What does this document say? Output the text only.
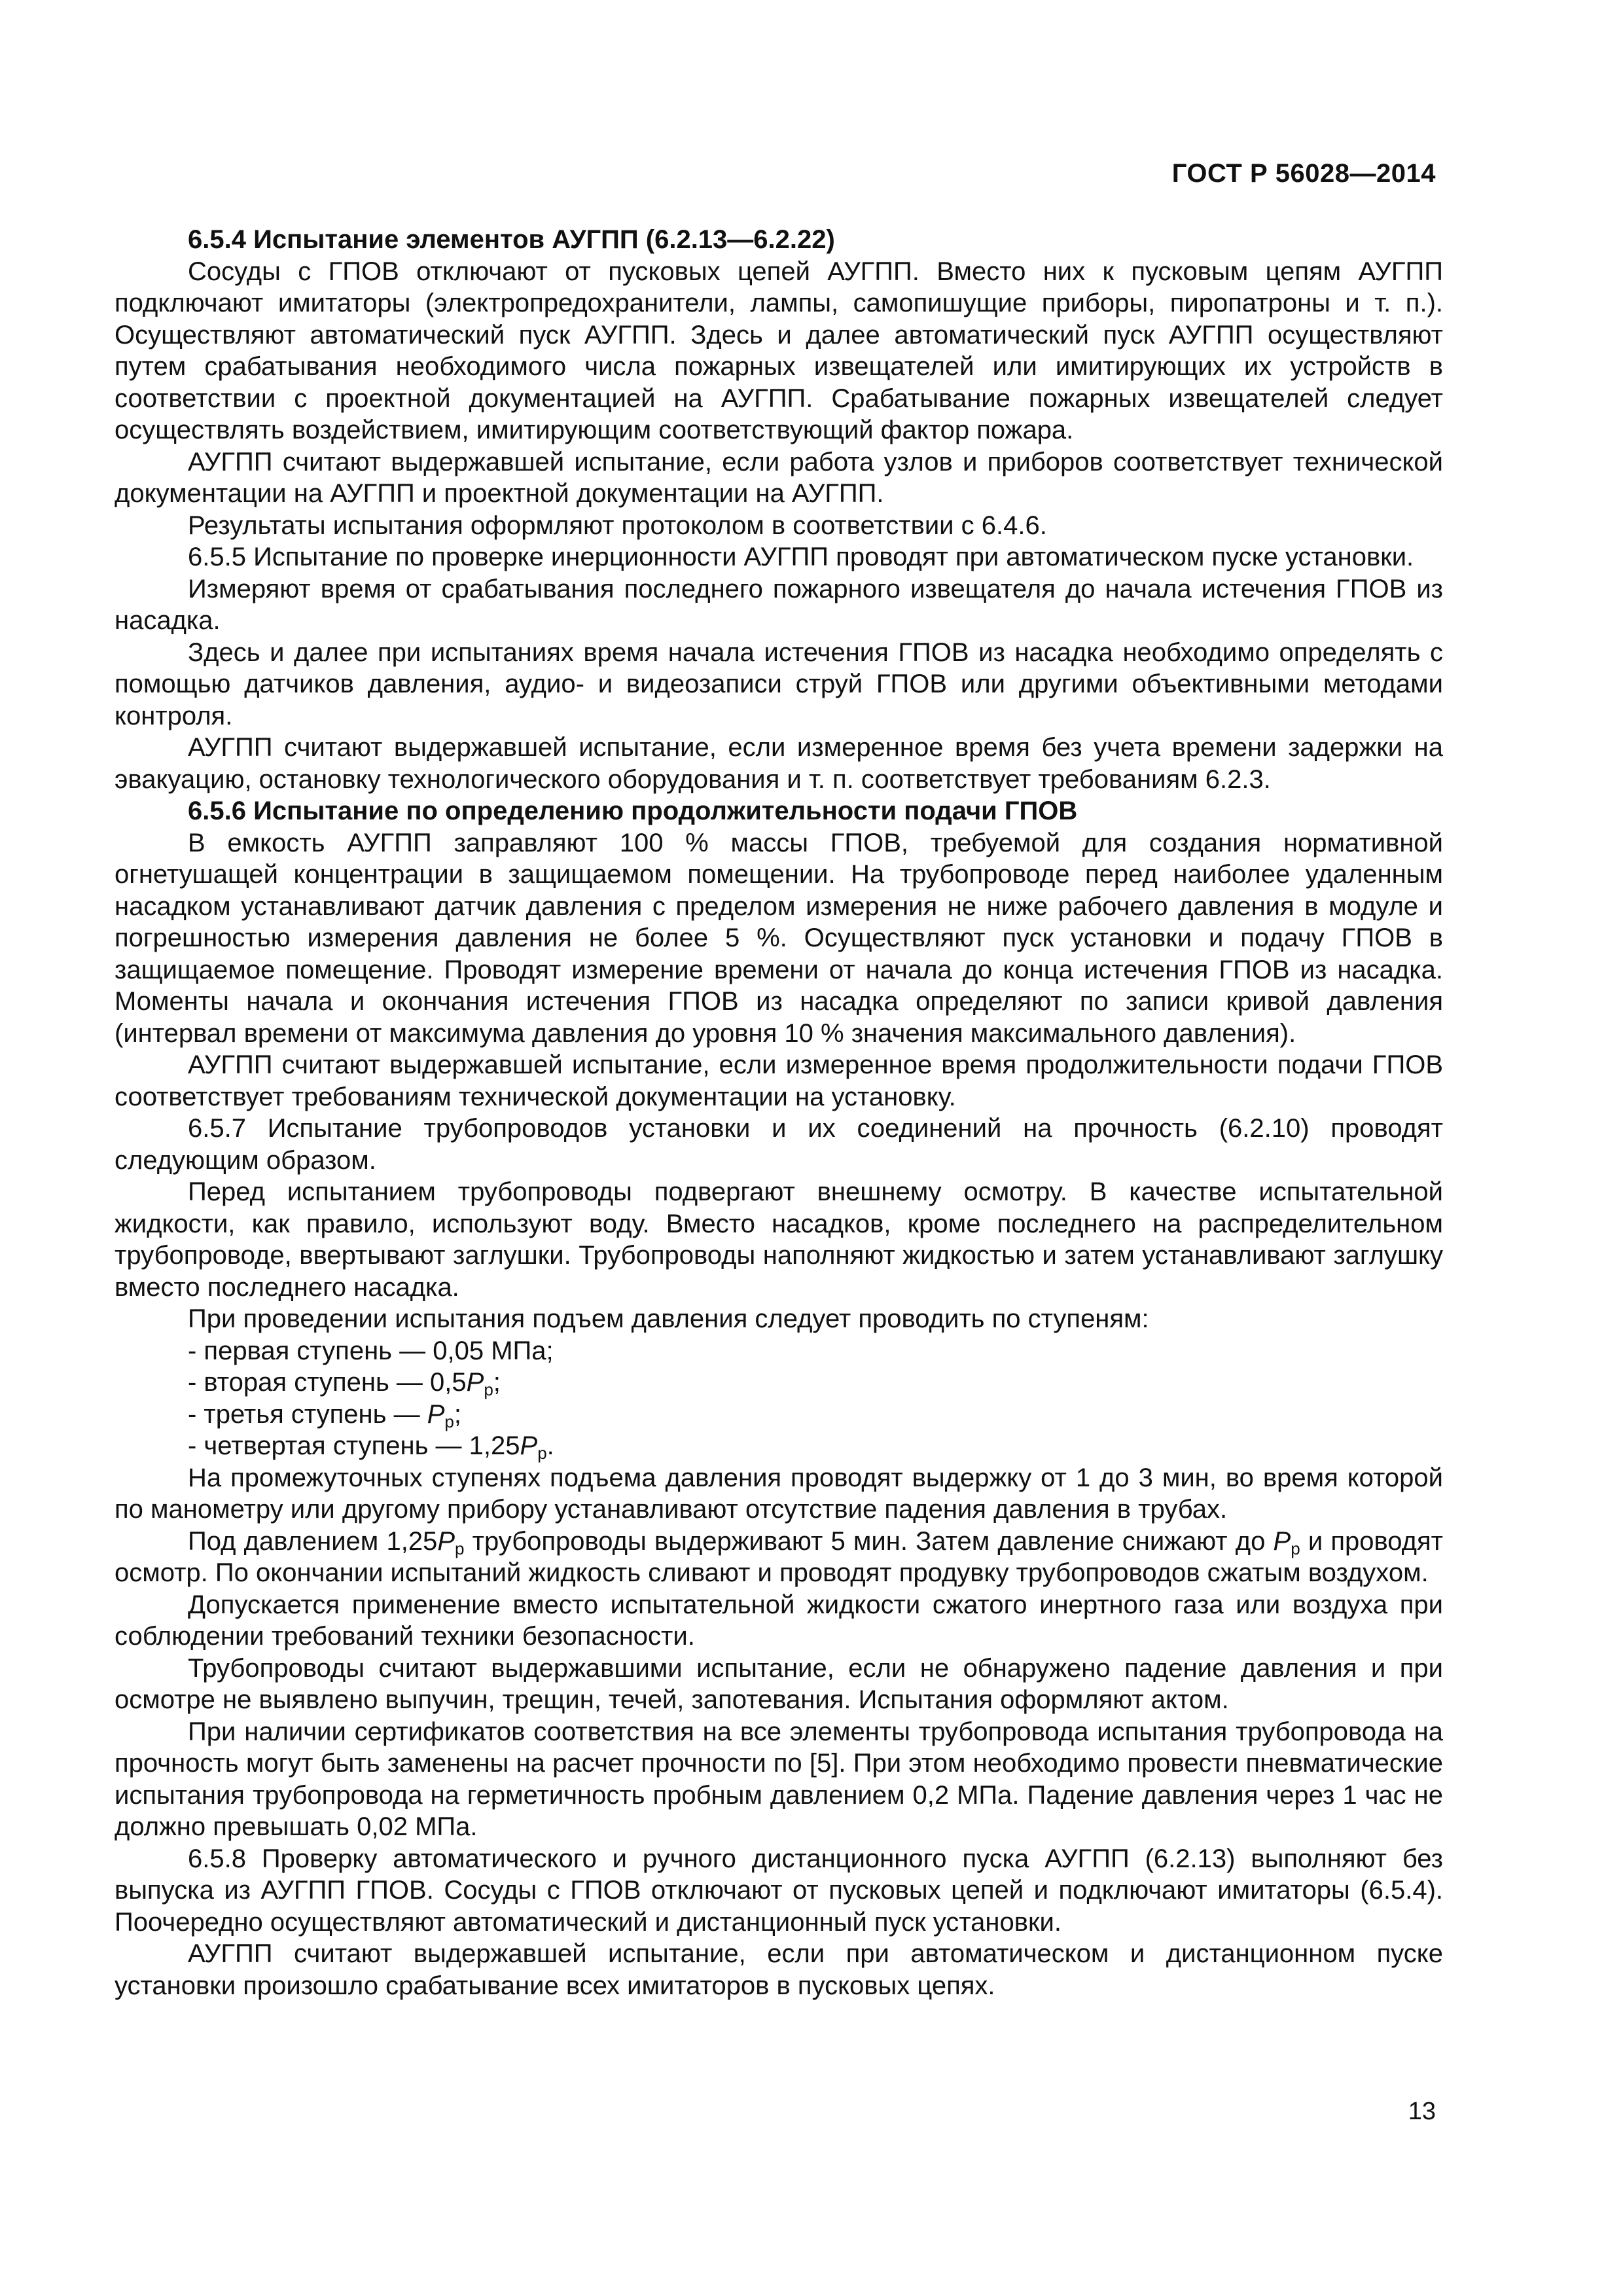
ГОСТ Р 56028—2014

6.5.4 Испытание элементов АУГПП (6.2.13—6.2.22)

Сосуды с ГПОВ отключают от пусковых цепей АУГПП. Вместо них к пусковым цепям АУГПП подключают имитаторы (электропредохранители, лампы, самопишущие приборы, пиропатроны и т. п.). Осуществляют автоматический пуск АУГПП. Здесь и далее автоматический пуск АУГПП осуществляют путем срабатывания необходимого числа пожарных извещателей или имитирующих их устройств в соответствии с проектной документацией на АУГПП. Срабатывание пожарных извещателей следует осуществлять воздействием, имитирующим соответствующий фактор пожара.

АУГПП считают выдержавшей испытание, если работа узлов и приборов соответствует технической документации на АУГПП и проектной документации на АУГПП.

Результаты испытания оформляют протоколом в соответствии с 6.4.6.

6.5.5 Испытание по проверке инерционности АУГПП проводят при автоматическом пуске установки.

Измеряют время от срабатывания последнего пожарного извещателя до начала истечения ГПОВ из насадка.

Здесь и далее при испытаниях время начала истечения ГПОВ из насадка необходимо определять с помощью датчиков давления, аудио- и видеозаписи струй ГПОВ или другими объективными методами контроля.

АУГПП считают выдержавшей испытание, если измеренное время без учета времени задержки на эвакуацию, остановку технологического оборудования и т. п. соответствует требованиям 6.2.3.

6.5.6 Испытание по определению продолжительности подачи ГПОВ

В емкость АУГПП заправляют 100 % массы ГПОВ, требуемой для создания нормативной огнетушащей концентрации в защищаемом помещении. На трубопроводе перед наиболее удаленным насадком устанавливают датчик давления с пределом измерения не ниже рабочего давления в модуле и погрешностью измерения давления не более 5 %. Осуществляют пуск установки и подачу ГПОВ в защищаемое помещение. Проводят измерение времени от начала до конца истечения ГПОВ из насадка. Моменты начала и окончания истечения ГПОВ из насадка определяют по записи кривой давления (интервал времени от максимума давления до уровня 10 % значения максимального давления).

АУГПП считают выдержавшей испытание, если измеренное время продолжительности подачи ГПОВ соответствует требованиям технической документации на установку.

6.5.7 Испытание трубопроводов установки и их соединений на прочность (6.2.10) проводят следующим образом.

Перед испытанием трубопроводы подвергают внешнему осмотру. В качестве испытательной жидкости, как правило, используют воду. Вместо насадков, кроме последнего на распределительном трубопроводе, ввертывают заглушки. Трубопроводы наполняют жидкостью и затем устанавливают заглушку вместо последнего насадка.

При проведении испытания подъем давления следует проводить по ступеням:

- первая ступень — 0,05 МПа;
- вторая ступень — $0,5P_р$;
- третья ступень — $P_р$;
- четвертая ступень — $1,25P_р$.

На промежуточных ступенях подъема давления проводят выдержку от 1 до 3 мин, во время которой по манометру или другому прибору устанавливают отсутствие падения давления в трубах.

Под давлением $1,25P_р$ трубопроводы выдерживают 5 мин. Затем давление снижают до $P_р$ и проводят осмотр. По окончании испытаний жидкость сливают и проводят продувку трубопроводов сжатым воздухом.

Допускается применение вместо испытательной жидкости сжатого инертного газа или воздуха при соблюдении требований техники безопасности.

Трубопроводы считают выдержавшими испытание, если не обнаружено падение давления и при осмотре не выявлено выпучин, трещин, течей, запотевания. Испытания оформляют актом.

При наличии сертификатов соответствия на все элементы трубопровода испытания трубопровода на прочность могут быть заменены на расчет прочности по [5]. При этом необходимо провести пневматические испытания трубопровода на герметичность пробным давлением 0,2 МПа. Падение давления через 1 час не должно превышать 0,02 МПа.

6.5.8 Проверку автоматического и ручного дистанционного пуска АУГПП (6.2.13) выполняют без выпуска из АУГПП ГПОВ. Сосуды с ГПОВ отключают от пусковых цепей и подключают имитаторы (6.5.4). Поочередно осуществляют автоматический и дистанционный пуск установки.

АУГПП считают выдержавшей испытание, если при автоматическом и дистанционном пуске установки произошло срабатывание всех имитаторов в пусковых цепях.

13
